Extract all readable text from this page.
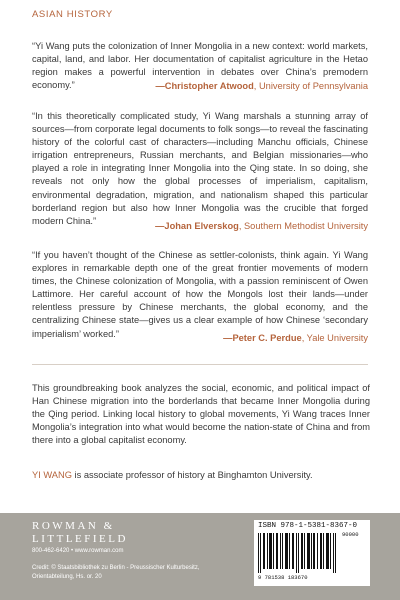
ASIAN HISTORY
“Yi Wang puts the colonization of Inner Mongolia in a new context: world markets, capital, land, and labor. Her documentation of capitalist agriculture in the Hetao region makes a powerful intervention in debates over China’s premodern economy.”	—Christopher Atwood, University of Pennsylvania
“In this theoretically complicated study, Yi Wang marshals a stunning array of sources—from corporate legal documents to folk songs—to reveal the fascinating history of the colorful cast of characters—including Manchu officials, Chinese irrigation entrepreneurs, Russian merchants, and Belgian missionaries—who played a role in integrating Inner Mongolia into the Qing state. In so doing, she reveals not only how the global processes of imperialism, capitalism, environmental degradation, migration, and nationalism shaped this particular borderland region but also how Inner Mongolia was the crucible that forged modern China.”
—Johan Elverskog, Southern Methodist University
“If you haven’t thought of the Chinese as settler-colonists, think again. Yi Wang explores in remarkable depth one of the great frontier movements of modern times, the Chinese colonization of Mongolia, with a passion reminiscent of Owen Lattimore. Her careful account of how the Mongols lost their lands—under relentless pressure by Chinese merchants, the global economy, and the centralizing Chinese state—gives us a clear example of how Chinese ‘secondary imperialism’ worked.”	—Peter C. Perdue, Yale University
This groundbreaking book analyzes the social, economic, and political impact of Han Chinese migration into the borderlands that became Inner Mongolia during the Qing period. Linking local history to global movements, Yi Wang traces Inner Mongolia’s integration into what would become the nation-state of China and from there into a global capitalist economy.
YI WANG is associate professor of history at Binghamton University.
ROWMAN &
LITTLEFIELD
800-462-6420 • www.rowman.com
Credit: © Staatsbibliothek zu Berlin - Preussischer Kulturbesitz, Orientabteilung, Hs. or. 20
ISBN 978-1-5381-8367-0
90000
9 781538 183670
